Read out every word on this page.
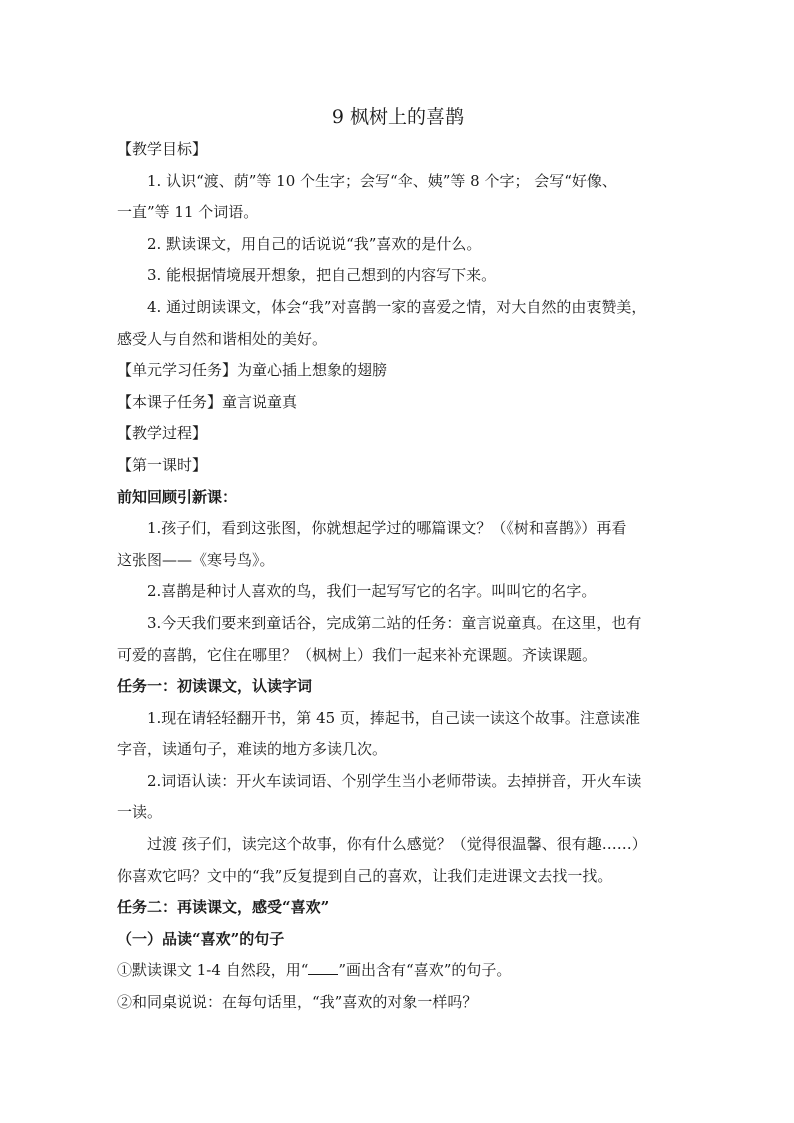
9 枫树上的喜鹊

【教学目标】

1. 认识“渡、荫”等 10 个生字；会写“伞、姨”等 8 个字； 会写“好像、

一直”等 11 个词语。

2. 默读课文，用自己的话说说“我”喜欢的是什么。

3. 能根据情境展开想象，把自己想到的内容写下来。

4. 通过朗读课文，体会“我”对喜鹊一家的喜爱之情，对大自然的由衷赞美，

感受人与自然和谐相处的美好。

【单元学习任务】为童心插上想象的翅膀

【本课子任务】童言说童真

【教学过程】

【第一课时】

前知回顾引新课：

1.孩子们，看到这张图，你就想起学过的哪篇课文？（《树和喜鹊》）再看

这张图——《寒号鸟》。

2.喜鹊是种讨人喜欢的鸟，我们一起写写它的名字。叫叫它的名字。

3.今天我们要来到童话谷，完成第二站的任务：童言说童真。在这里，也有

可爱的喜鹊，它住在哪里？（枫树上）我们一起来补充课题。齐读课题。

任务一：初读课文，认读字词

1.现在请轻轻翻开书，第 45 页，捧起书，自己读一读这个故事。注意读准

字音，读通句子，难读的地方多读几次。

2.词语认读：开火车读词语、个别学生当小老师带读。去掉拼音，开火车读

一读。

过渡 孩子们，读完这个故事，你有什么感觉？（觉得很温馨、很有趣……）

你喜欢它吗？文中的“我”反复提到自己的喜欢，让我们走进课文去找一找。

任务二：再读课文，感受“喜欢”

（一）品读“喜欢”的句子

①默读课文 1-4 自然段，用“ ”画出含有“喜欢”的句子。

②和同桌说说：在每句话里，“我”喜欢的对象一样吗？
